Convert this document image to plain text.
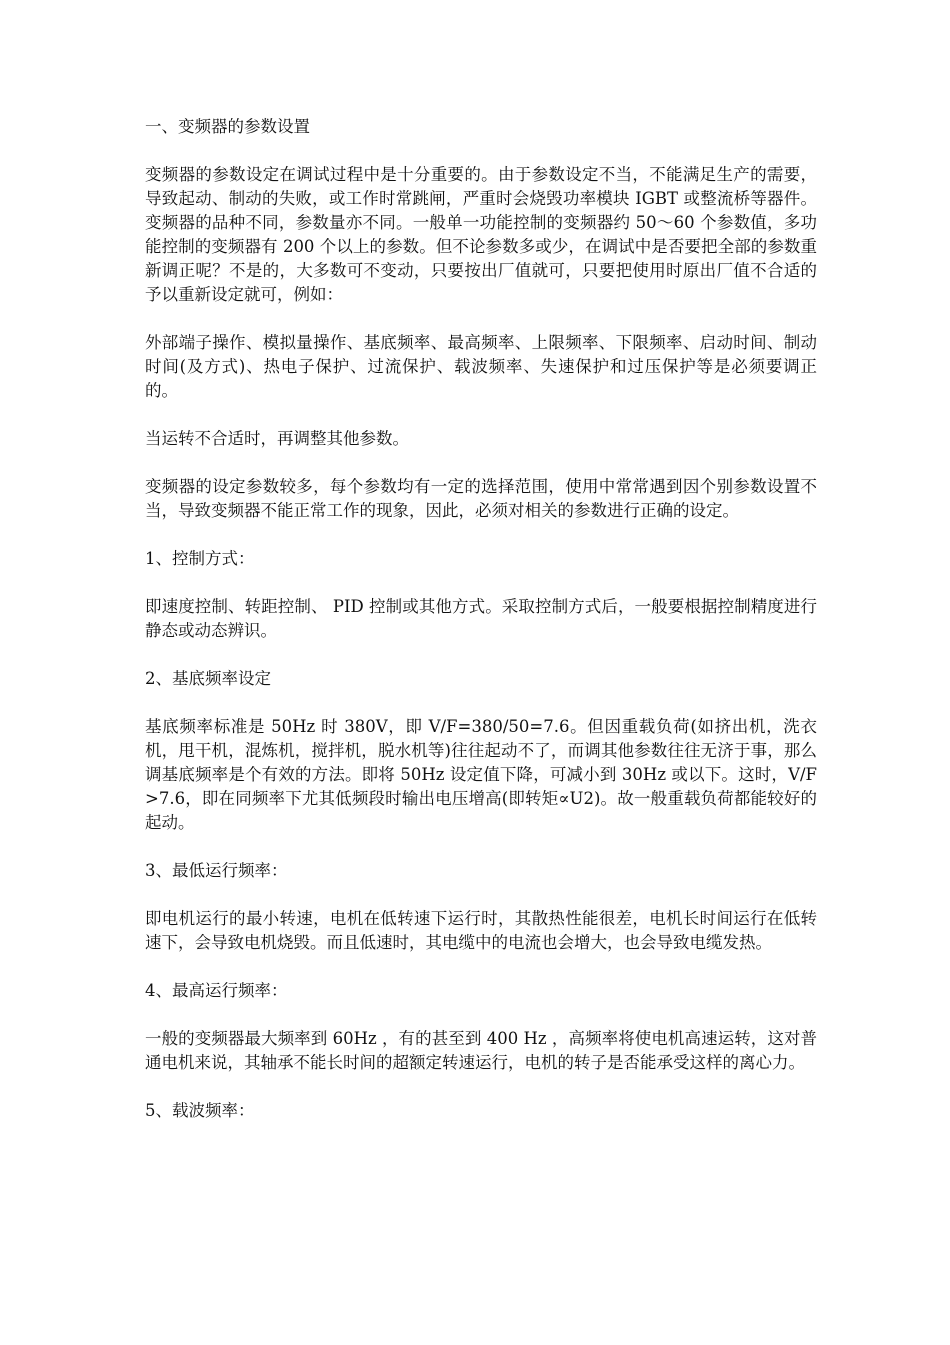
一、变频器的参数设置

变频器的参数设定在调试过程中是十分重要的。由于参数设定不当，不能满足生产的需要，导致起动、制动的失败，或工作时常跳闸，严重时会烧毁功率模块 IGBT 或整流桥等器件。变频器的品种不同，参数量亦不同。一般单一功能控制的变频器约 50～60 个参数值，多功能控制的变频器有 200 个以上的参数。但不论参数多或少，在调试中是否要把全部的参数重新调正呢？不是的，大多数可不变动，只要按出厂值就可，只要把使用时原出厂值不合适的予以重新设定就可，例如：

外部端子操作、模拟量操作、基底频率、最高频率、上限频率、下限频率、启动时间、制动时间(及方式)、热电子保护、过流保护、载波频率、失速保护和过压保护等是必须要调正的。

当运转不合适时，再调整其他参数。

变频器的设定参数较多，每个参数均有一定的选择范围，使用中常常遇到因个别参数设置不当，导致变频器不能正常工作的现象，因此，必须对相关的参数进行正确的设定。

1、控制方式：

即速度控制、转距控制、 PID 控制或其他方式。采取控制方式后，一般要根据控制精度进行静态或动态辨识。

2、基底频率设定

基底频率标准是 50Hz 时 380V，即 V/F=380/50=7.6。但因重载负荷(如挤出机，洗衣机，甩干机，混炼机，搅拌机，脱水机等)往往起动不了，而调其他参数往往无济于事，那么调基底频率是个有效的方法。即将 50Hz 设定值下降，可减小到 30Hz 或以下。这时，V/F>7.6，即在同频率下尤其低频段时输出电压增高(即转矩∝U2)。故一般重载负荷都能较好的起动。

3、最低运行频率：

即电机运行的最小转速，电机在低转速下运行时，其散热性能很差，电机长时间运行在低转速下，会导致电机烧毁。而且低速时，其电缆中的电流也会增大，也会导致电缆发热。

4、最高运行频率：

一般的变频器最大频率到 60Hz ，有的甚至到 400 Hz ，高频率将使电机高速运转，这对普通电机来说，其轴承不能长时间的超额定转速运行，电机的转子是否能承受这样的离心力。

5、载波频率：
